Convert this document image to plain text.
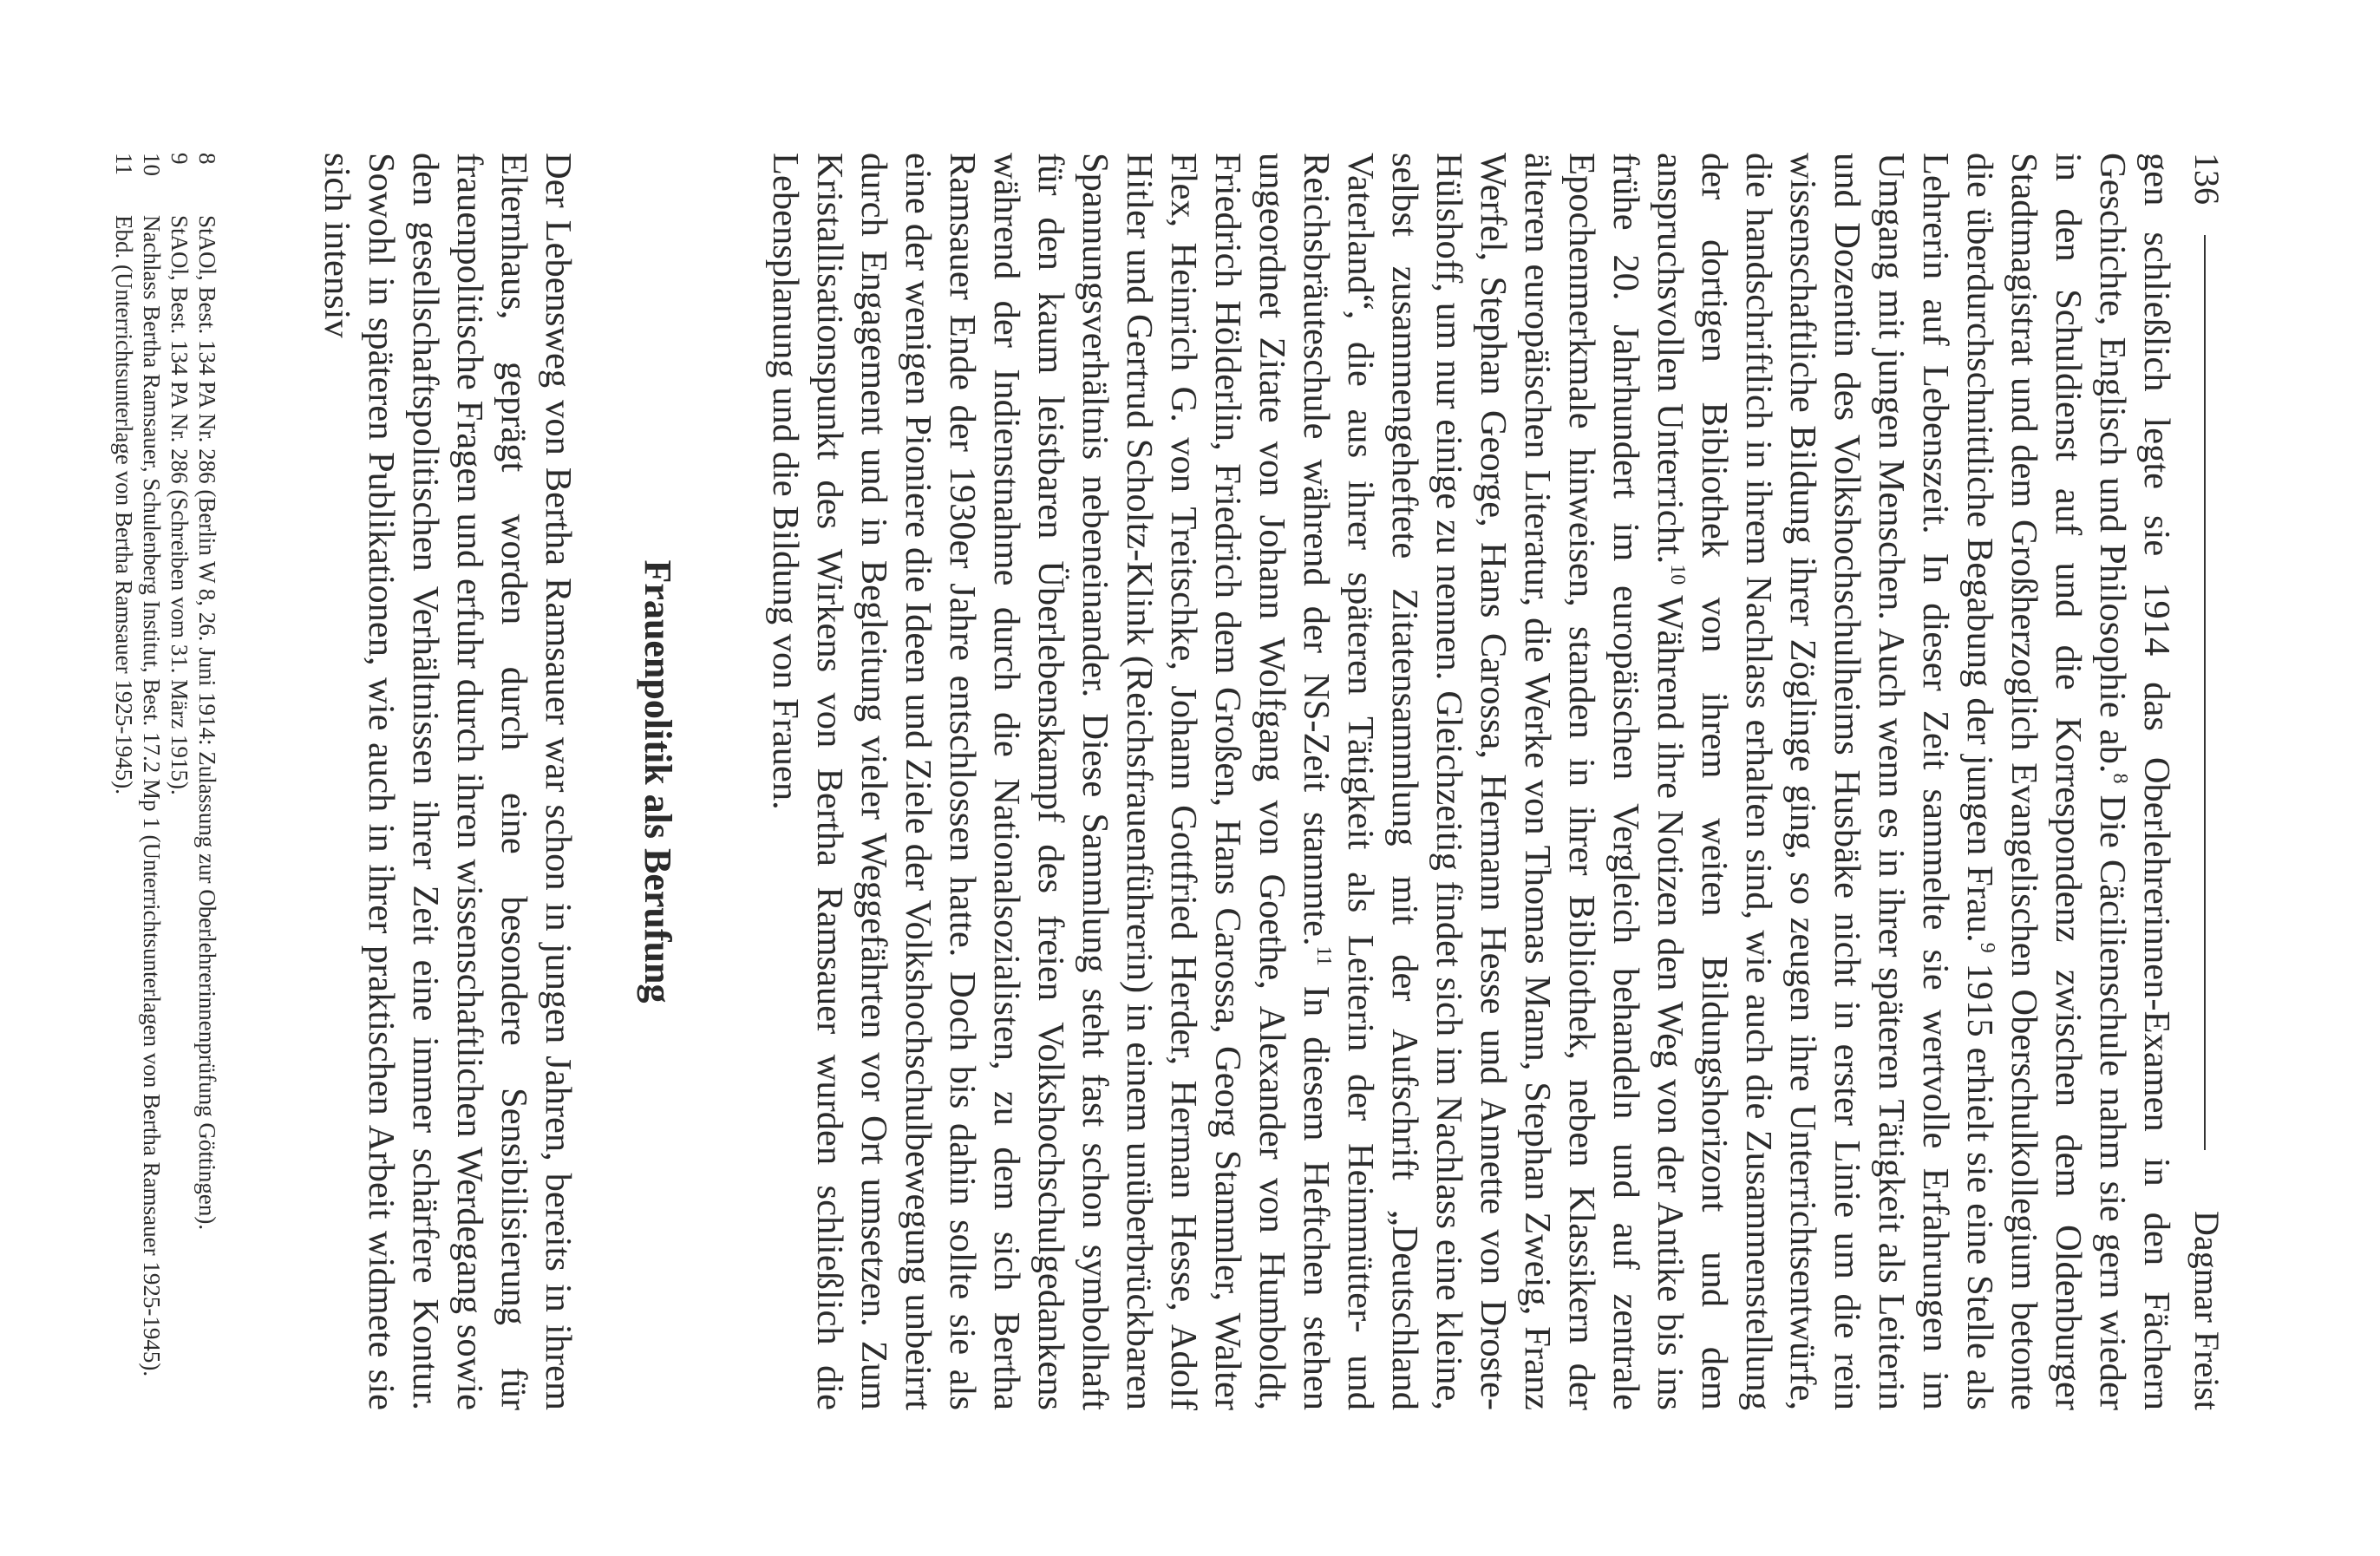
136
Dagmar Freist

gen schließlich legte sie 1914 das Oberlehrerinnen-Examen in den Fächern Geschichte, Englisch und Philosophie ab.$^8$ Die Cäcilienschule nahm sie gern wieder in den Schuldienst auf und die Korrespondenz zwischen dem Oldenburger Stadtmagistrat und dem Großherzoglich Evangelischen Oberschulkollegium betonte die überdurchschnittliche Begabung der jungen Frau.$^9$ 1915 erhielt sie eine Stelle als Lehrerin auf Lebenszeit. In dieser Zeit sammelte sie wertvolle Erfahrungen im Umgang mit jungen Menschen. Auch wenn es in ihrer späteren Tätigkeit als Leiterin und Dozentin des Volkshochschulheims Husbäke nicht in erster Linie um die rein wissenschaftliche Bildung ihrer Zöglinge ging, so zeugen ihre Unterrichtsentwürfe, die handschriftlich in ihrem Nachlass erhalten sind, wie auch die Zusammenstellung der dortigen Bibliothek von ihrem weiten Bildungshorizont und dem anspruchsvollen Unterricht.$^{10}$ Während ihre Notizen den Weg von der Antike bis ins frühe 20. Jahrhundert im europäischen Vergleich behandeln und auf zentrale Epochenmerkmale hinweisen, standen in ihrer Bibliothek, neben Klassikern der älteren europäischen Literatur, die Werke von Thomas Mann, Stephan Zweig, Franz Werfel, Stephan George, Hans Carossa, Hermann Hesse und Annette von Droste-Hülshoff, um nur einige zu nennen. Gleichzeitig findet sich im Nachlass eine kleine, selbst zusammengeheftete Zitatensammlung mit der Aufschrift „Deutschland Vaterland“, die aus ihrer späteren Tätigkeit als Leiterin der Heimmütter- und Reichsbräuteschule während der NS-Zeit stammte.$^{11}$ In diesem Heftchen stehen ungeordnet Zitate von Johann Wolfgang von Goethe, Alexander von Humboldt, Friedrich Hölderlin, Friedrich dem Großen, Hans Carossa, Georg Stammler, Walter Flex, Heinrich G. von Treitschke, Johann Gottfried Herder, Herman Hesse, Adolf Hitler und Gertrud Scholtz-Klink (Reichsfrauenführerin) in einem unüberbrückbaren Spannungsverhältnis nebeneinander. Diese Sammlung steht fast schon symbolhaft für den kaum leistbaren Überlebenskampf des freien Volkshochschulgedankens während der Indienstnahme durch die Nationalsozialisten, zu dem sich Bertha Ramsauer Ende der 1930er Jahre entschlossen hatte. Doch bis dahin sollte sie als eine der wenigen Pioniere die Ideen und Ziele der Volkshochschulbewegung unbeirrt durch Engagement und in Begleitung vieler Weggefährten vor Ort umsetzen. Zum Kristallisationspunkt des Wirkens von Bertha Ramsauer wurden schließlich die Lebensplanung und die Bildung von Frauen.

Frauenpolitik als Berufung

Der Lebensweg von Bertha Ramsauer war schon in jungen Jahren, bereits in ihrem Elternhaus, geprägt worden durch eine besondere Sensibilisierung für frauenpolitische Fragen und erfuhr durch ihren wissenschaftlichen Werdegang sowie den gesellschaftspolitischen Verhältnissen ihrer Zeit eine immer schärfere Kontur. Sowohl in späteren Publikationen, wie auch in ihrer praktischen Arbeit widmete sie sich intensiv

8
StAOl, Best. 134 PA Nr. 286 (Berlin W 8, 26. Juni 1914: Zulassung zur Oberlehrerinnenprüfung Göttingen).
9
StAOl, Best. 134 PA Nr. 286 (Schreiben vom 31. März 1915).
10
Nachlass Bertha Ramsauer, Schulenberg Institut, Best. 17.2 Mp 1 (Unterrichtsunterlagen von Bertha Ramsauer 1925-1945).
11
Ebd. (Unterrichtsunterlage von Bertha Ramsauer 1925-1945).
